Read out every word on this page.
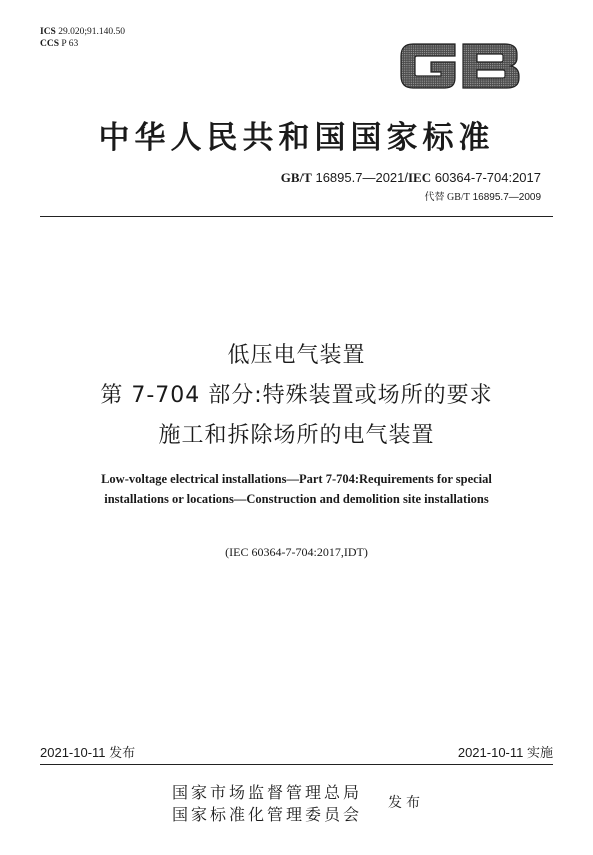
ICS 29.020;91.140.50
CCS P 63
中华人民共和国国家标准
GB/T 16895.7—2021/IEC 60364-7-704:2017
代替 GB/T 16895.7—2009
低压电气装置
第 7-704 部分:特殊装置或场所的要求
施工和拆除场所的电气装置
Low-voltage electrical installations—Part 7-704:Requirements for special
installations or locations—Construction and demolition site installations
(IEC 60364-7-704:2017,IDT)
2021-10-11 发布	2021-10-11 实施
国家市场监督管理总局
国家标准化管理委员会
发布
